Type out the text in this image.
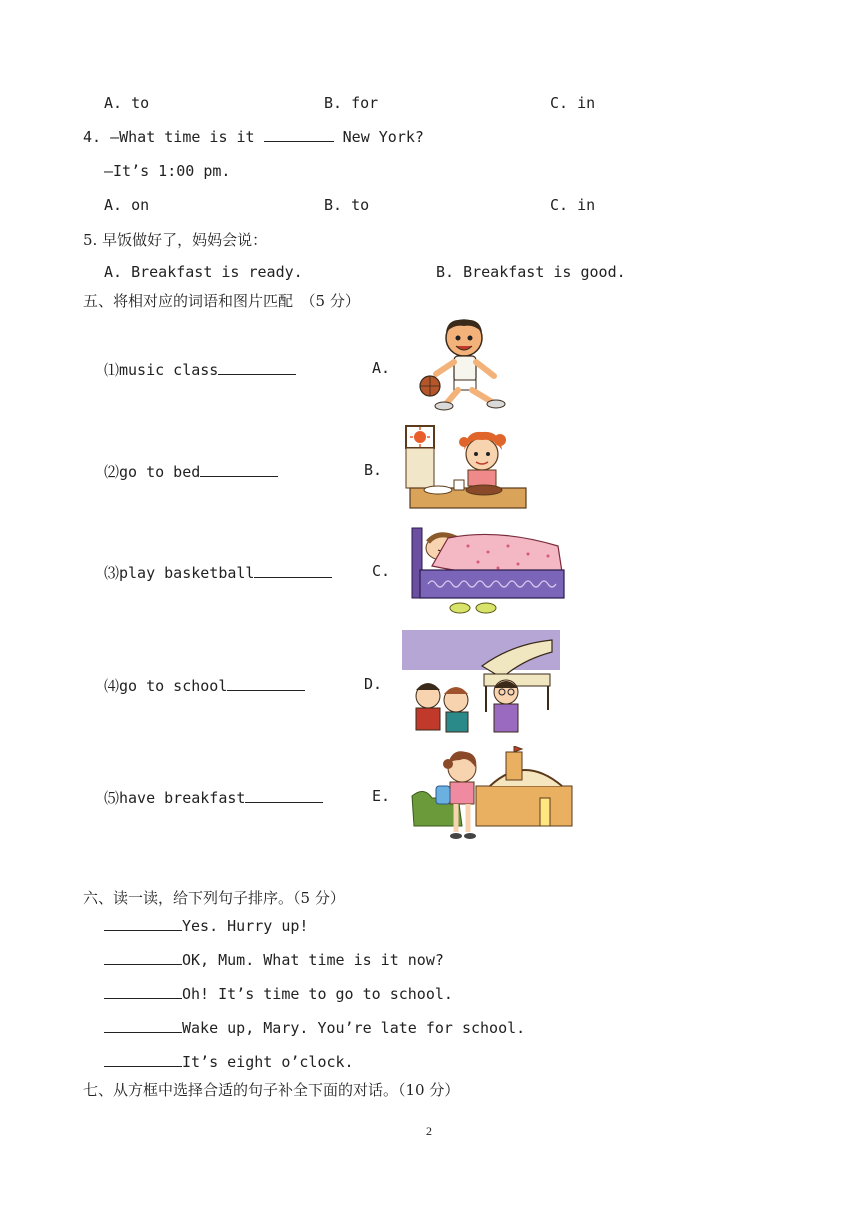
A. to	B. for	C. in
4. —What time is it	New York?
—It’s 1:00 pm.
A. on	B. to	C. in
5. 早饭做好了，妈妈会说：
A. Breakfast is ready.	B. Breakfast is good.
五、将相对应的词语和图片匹配　（5 分）
⑴music class	A.
⑵go to bed	B.
⑶play basketball	C.
⑷go to school	D.
⑸have breakfast	E.
六、读一读，给下列句子排序。（5 分）
Yes. Hurry up!
OK, Mum. What time is it now?
Oh! It’s time to go to school.
Wake up, Mary. You’re late for school.
It’s eight o’clock.
七、从方框中选择合适的句子补全下面的对话。（10 分）
2
